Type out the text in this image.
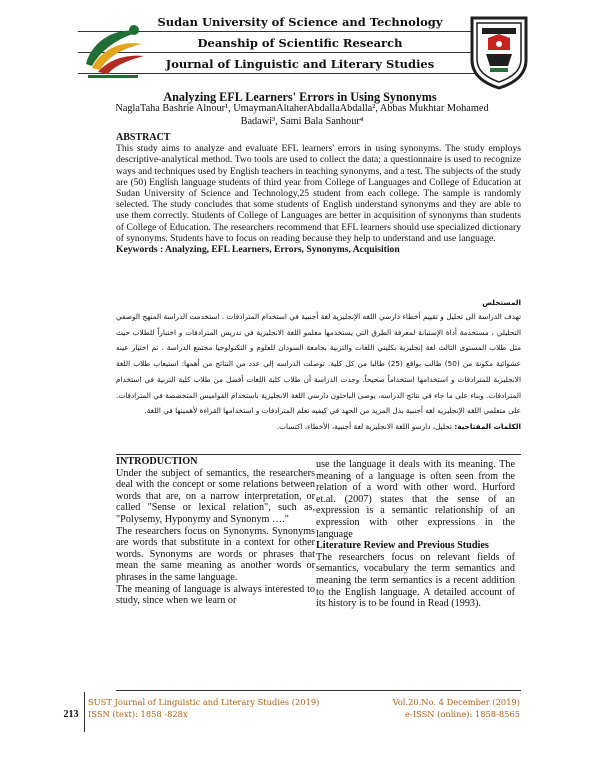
Sudan University of Science and Technology
Deanship of Scientific Research
Journal of Linguistic and Literary Studies
Analyzing EFL Learners' Errors in Using Synonyms
NaglaTaha Bashrie Alnour¹, UmaymanAltaherAbdallaAbdalla², Abbas Mukhtar Mohamed
Badawi³, Sami Bala Sanhour⁴
ABSTRACT
This study aims to analyze and evaluate EFL learners' errors in using synonyms. The study employs descriptive-analytical method. Two tools are used to collect the data; a questionnaire is used to recognize ways and techniques used by English teachers in teaching synonyms, and a test. The subjects of the study are (50) English language students of third year from College of Languages and College of Education at Sudan University of Science and Technology,25 student from each college. The sample is randomly selected. The study concludes that some students of English understand synonyms and they are able to use them correctly. Students of College of Languages are better in acquisition of synonyms than students of College of Education. The researchers recommend that EFL learners should use specialized dictionary of synonyms. Students have to focus on reading because they help to understand and use language.
Keywords : Analyzing, EFL Learners, Errors, Synonyms, Acquisition
المستخلص
تهدف الدراسة الى تحليل و تقييم أخطاء دارسي اللغه الإنجليزية لغة أجنبية في استخدام المترادفات . استخدمت الدراسة المنهج الوصفي التحليلي ، مستخدمة أداة الإستبانة لمعرفة الطرق التي يستخدمها معلمو اللغة الانجليزية في تدريس المترادفات و اختباراً للطلاب حيث مثل طلاب المستوى الثالث لغة إنجليزية بكليتي اللغات والتربية بجامعة السودان للعلوم و التكنولوجيا مجتمع الدراسة . تم اختيار عينه عشوائية مكونة من (50) طالب بواقع (25) طالبا من كل كلية. توصلت الدراسه إلى عدد من النتائج من أهمها: استيعاب طلاب اللغة الانجليزية للمترادفات و استخدامها استخداماً صحيحاً. وجدت الدراسة أن طلاب كلية اللغات أفضل من طلاب كلية التربية في استخدام المترادفات. وبناء على ما جاء في نتائج الدراسه، يوصى الباحثون دارسي اللغة الانجليزية باستخدام القواميس المتخصصة في المترادفات. على متعلمي اللغه الإنجليزيه لغه أجنبية بذل المزيد من الجهد في كيفيه تعلم المترادفات و استخدامها القراءة لأهميتها في اللغة.
الكلمات المفتاحية: تحليل، دارسو اللغة الانجليزية لغة أجنبية، الأخطاء، اكتساب.
INTRODUCTION

Under the subject of semantics, the researchers deal with the concept or some relations between words that are, on a narrow interpretation, or called "Sense or lexical relation", such as, "Polysemy, Hyponymy and Synonym …."

The researchers focus on Synonyms. Synonyms are words that substitute in a context for other words. Synonyms are words or phrases that mean the same meaning as another words or phrases in the same language.

The meaning of language is always interested to study, since when we learn or

use the language it deals with its meaning. The meaning of a language is often seen from the relation of a word with other word. Hurford et.al. (2007) states that the sense of an expression is a semantic relationship of an expression with other expressions in the language

Literature Review and Previous Studies

The researchers focus on relevant fields of semantics, vocabulary the term semantics and meaning the term semantics is a recent addition to the English language. A detailed account of its history is to be found in Read (1993).

213
SUST Journal of Linguistic and Literary Studies (2019)
ISSN (text): 1858 -828x
Vol.20.No. 4 December (2019)
e-ISSN (online): 1858-8565
